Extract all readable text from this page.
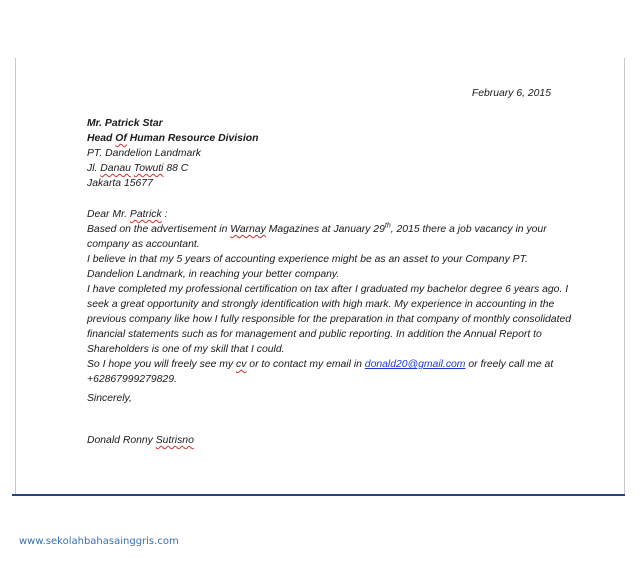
February 6, 2015
Mr. Patrick Star
Head Of Human Resource Division
PT. Dandelion Landmark
Jl. Danau Towuti 88 C
Jakarta 15677
Dear Mr. Patrick :
Based on the advertisement in Warnay Magazines at January 29th, 2015 there a job vacancy in your
company as accountant.
I believe in that my 5 years of accounting experience might be as an asset to your Company PT.
Dandelion Landmark, in reaching your better company.
I have completed my professional certification on tax after I graduated my bachelor degree 6 years ago. I
seek a great opportunity and strongly identification with high mark. My experience in accounting in the
previous company like how I fully responsible for the preparation in that company of monthly consolidated
financial statements such as for management and public reporting. In addition the Annual Report to
Shareholders is one of my skill that I could.
So I hope you will freely see my cv or to contact my email in donald20@gmail.com or freely call me at
+62867999279829.
Sincerely,
Donald Ronny Sutrisno
www.sekolahbahasainggris.com
